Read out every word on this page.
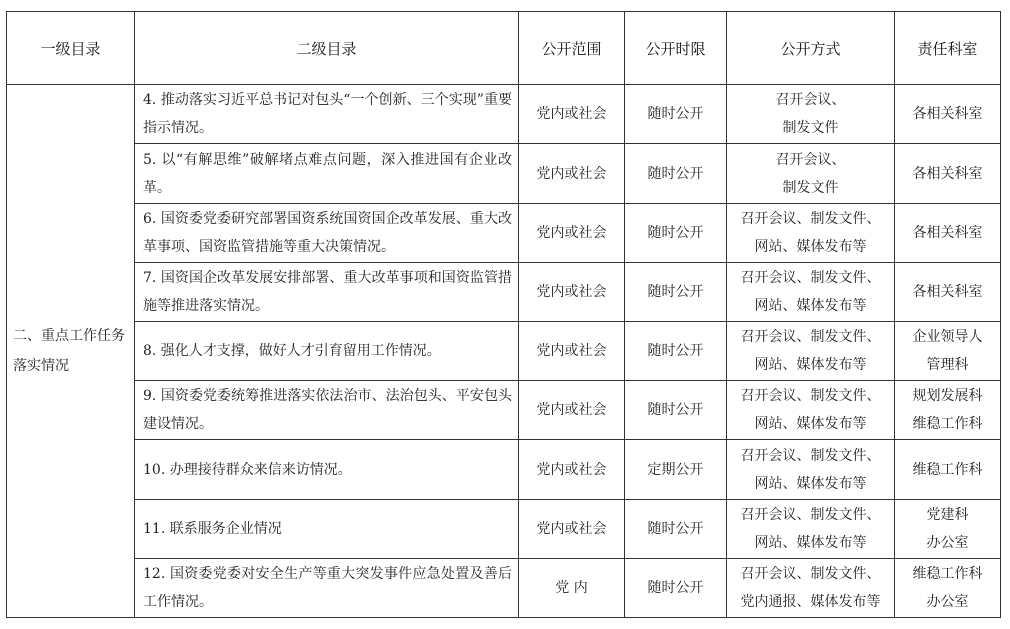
一级目录	二级目录	公开范围	公开时限	公开方式	责任科室
二、重点工作任务落实情况	4. 推动落实习近平总书记对包头“一个创新、三个实现”重要指示情况。	党内或社会	随时公开	召开会议、
制发文件	各相关科室

	5. 以“有解思维”破解堵点难点问题，深入推进国有企业改革。	党内或社会	随时公开	召开会议、
制发文件	各相关科室

	6. 国资委党委研究部署国资系统国资国企改革发展、重大改革事项、国资监管措施等重大决策情况。	党内或社会	随时公开	召开会议、制发文件、
网站、媒体发布等	各相关科室

	7. 国资国企改革发展安排部署、重大改革事项和国资监管措施等推进落实情况。	党内或社会	随时公开	召开会议、制发文件、
网站、媒体发布等	各相关科室

	8. 强化人才支撑，做好人才引育留用工作情况。	党内或社会	随时公开	召开会议、制发文件、
网站、媒体发布等	企业领导人
管理科

	9. 国资委党委统筹推进落实依法治市、法治包头、平安包头建设情况。	党内或社会	随时公开	召开会议、制发文件、
网站、媒体发布等	规划发展科
维稳工作科

	10. 办理接待群众来信来访情况。	党内或社会	定期公开	召开会议、制发文件、
网站、媒体发布等	维稳工作科

	11. 联系服务企业情况	党内或社会	随时公开	召开会议、制发文件、
网站、媒体发布等	党建科
办公室

	12. 国资委党委对安全生产等重大突发事件应急处置及善后工作情况。	党 内	随时公开	召开会议、制发文件、
党内通报、媒体发布等	维稳工作科
办公室
